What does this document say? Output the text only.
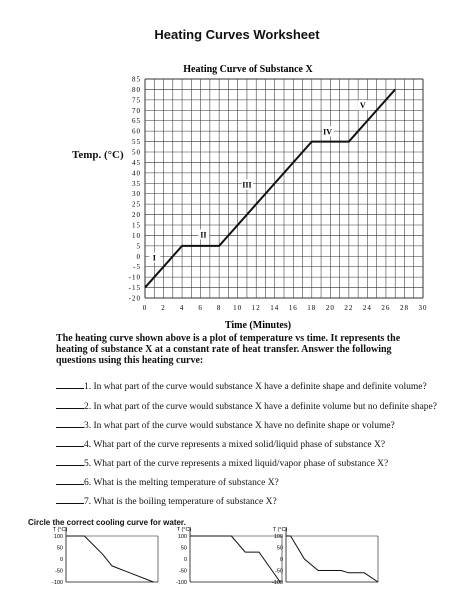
Heating Curves Worksheet
0 2 4 6 8 10 12 14 16 18 20 22 24 26 28 30
85
80
75
70
65
60
55
50
45
40
35
30
25
20
15
10
5
0
-5
-10
-15
-20
I
II
III
IV
V
Heating Curve of Substance X
Time (Minutes)
Temp. (°C)
The heating curve shown above is a plot of temperature vs time. It represents the heating of substance X at a constant rate of heat transfer. Answer the following questions using this heating curve:
1. In what part of the curve would substance X have a definite shape and definite volume?
2. In what part of the curve would substance X have a definite volume but no definite shape?
3. In what part of the curve would substance X have no definite shape or volume?
4. What part of the curve represents a mixed solid/liquid phase of substance X?
5. What part of the curve represents a mixed liquid/vapor phase of substance X?
6. What is the melting temperature of substance X?
7. What is the boiling temperature of substance X?
Circle the correct cooling curve for water.
T (°C)
100
50
0
-50
-100
T (°C)
100
50
0
-50
-100
T (°C)
100
50
0
-50
-100
